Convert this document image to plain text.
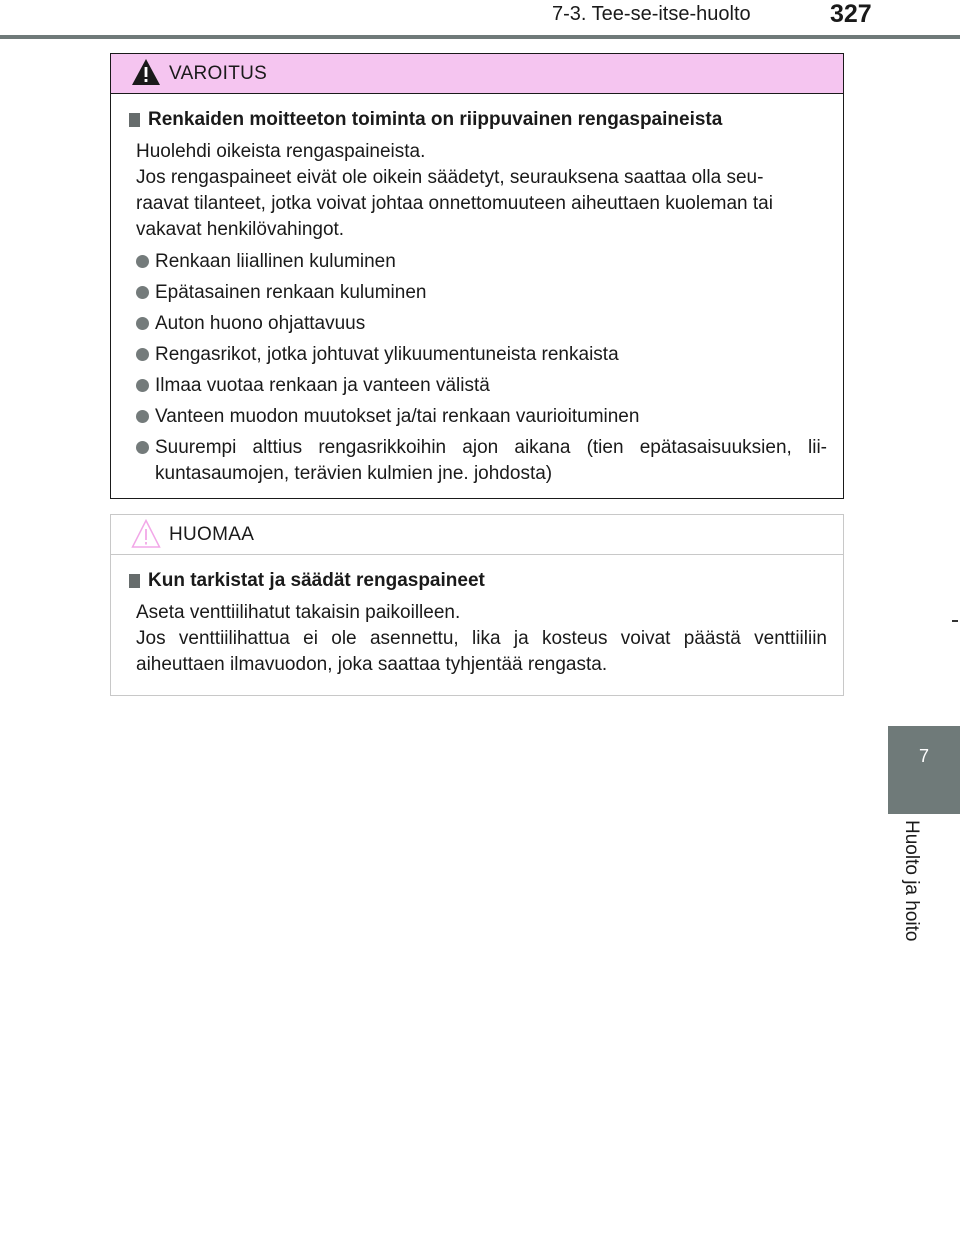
7-3. Tee-se-itse-huolto	327
7
Huolto ja hoito
VAROITUS
Renkaiden moitteeton toiminta on riippuvainen rengaspaineista
Huolehdi oikeista rengaspaineista.
Jos rengaspaineet eivät ole oikein säädetyt, seurauksena saattaa olla seu-
raavat tilanteet, jotka voivat johtaa onnettomuuteen aiheuttaen kuoleman tai
vakavat henkilövahingot.
Renkaan liiallinen kuluminen
Epätasainen renkaan kuluminen
Auton huono ohjattavuus
Rengasrikot, jotka johtuvat ylikuumentuneista renkaista
Ilmaa vuotaa renkaan ja vanteen välistä
Vanteen muodon muutokset ja/tai renkaan vaurioituminen
Suurempi alttius rengasrikkoihin ajon aikana (tien epätasaisuuksien, lii-kuntasaumojen, terävien kulmien jne. johdosta)
HUOMAA
Kun tarkistat ja säädät rengaspaineet
Aseta venttiilihatut takaisin paikoilleen.
Jos venttiilihattua ei ole asennettu, lika ja kosteus voivat päästä venttiiliin aiheuttaen ilmavuodon, joka saattaa tyhjentää rengasta.
